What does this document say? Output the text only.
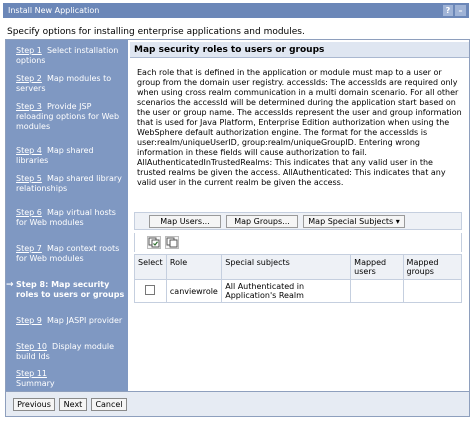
Install New Application	?	–
Specify options for installing enterprise applications and modules.
Step 1 Select installation options
Step 2 Map modules to servers
Step 3 Provide JSP reloading options for Web modules
Step 4 Map shared libraries
Step 5 Map shared library relationships
Step 6 Map virtual hosts for Web modules
Step 7 Map context roots for Web modules
→ Step 8: Map security roles to users or groups
Step 9 Map JASPI provider
Step 10 Display module build Ids
Step 11
Summary
Map security roles to users or groups
Each role that is defined in the application or module must map to a user or group from the domain user registry. accessIds: The accessIds are required only when using cross realm communication in a multi domain scenario. For all other scenarios the accessId will be determined during the application start based on the user or group name. The accessIds represent the user and group information that is used for Java Platform, Enterprise Edition authorization when using the WebSphere default authorization engine. The format for the accessIds is user:realm/uniqueUserID, group:realm/uniqueGroupID. Entering wrong information in these fields will cause authorization to fail. AllAuthenticatedInTrustedRealms: This indicates that any valid user in the trusted realms be given the access. AllAuthenticated: This indicates that any valid user in the current realm be given the access.
Map Users...	Map Groups...	Map Special Subjects ▾
Select	Role	Special subjects	Mapped users	Mapped groups
	canviewrole	All Authenticated in Application's Realm		
Previous	Next	Cancel
